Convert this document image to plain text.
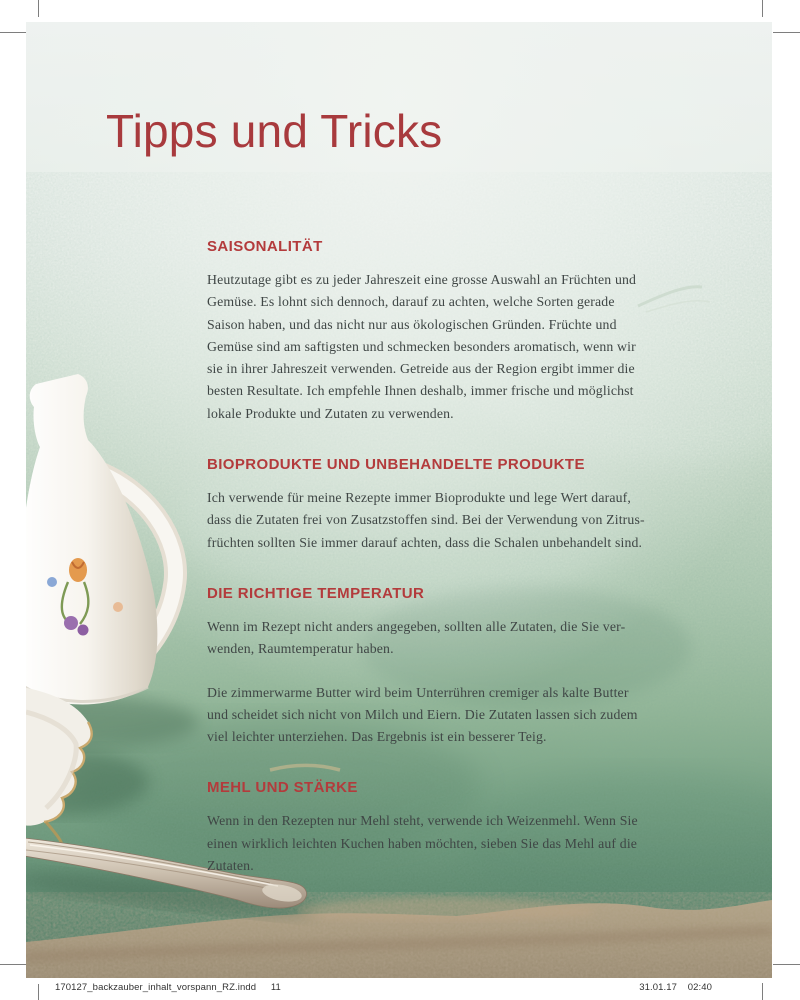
Tipps und Tricks
SAISONALITÄT
Heutzutage gibt es zu jeder Jahreszeit eine grosse Auswahl an Früchten und
Gemüse. Es lohnt sich dennoch, darauf zu achten, welche Sorten gerade
Saison haben, und das nicht nur aus ökologischen Gründen. Früchte und
Gemüse sind am saftigsten und schmecken besonders aromatisch, wenn wir
sie in ihrer Jahreszeit verwenden. Getreide aus der Region ergibt immer die
besten Resultate. Ich empfehle Ihnen deshalb, immer frische und möglichst
lokale Produkte und Zutaten zu verwenden.
BIOPRODUKTE UND UNBEHANDELTE PRODUKTE
Ich verwende für meine Rezepte immer Bioprodukte und lege Wert darauf,
dass die Zutaten frei von Zusatzstoffen sind. Bei der Verwendung von Zitrus-
früchten sollten Sie immer darauf achten, dass die Schalen unbehandelt sind.
DIE RICHTIGE TEMPERATUR
Wenn im Rezept nicht anders angegeben, sollten alle Zutaten, die Sie ver-
wenden, Raumtemperatur haben.
Die zimmerwarme Butter wird beim Unterrühren cremiger als kalte Butter
und scheidet sich nicht von Milch und Eiern. Die Zutaten lassen sich zudem
viel leichter unterziehen. Das Ergebnis ist ein besserer Teig.
MEHL UND STÄRKE
Wenn in den Rezepten nur Mehl steht, verwende ich Weizenmehl. Wenn Sie
einen wirklich leichten Kuchen haben möchten, sieben Sie das Mehl auf die
Zutaten.
170127_backzauber_inhalt_vorspann_RZ.indd 11	31.01.17 02:40
